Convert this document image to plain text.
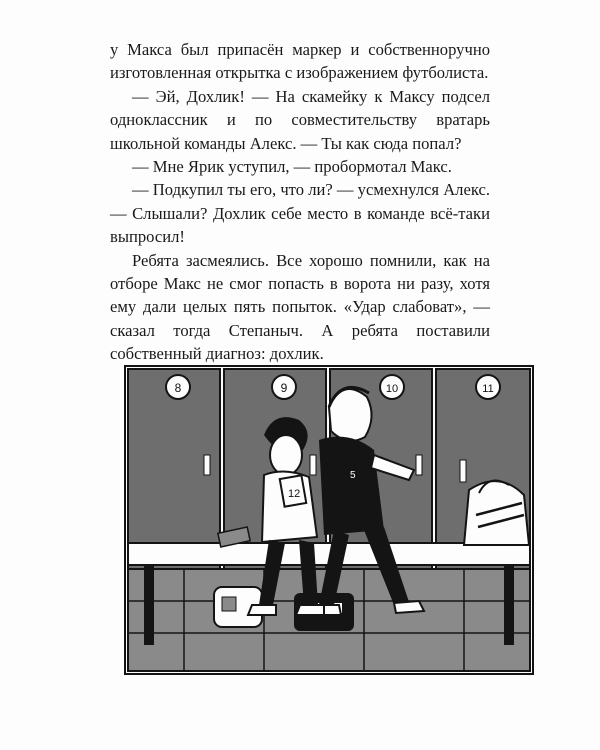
у Макса был припасён маркер и собственноручно изготовленная открытка с изображением футболиста.

— Эй, Дохлик! — На скамейку к Максу подсел одноклассник и по совместительству вратарь школьной команды Алекс. — Ты как сюда попал?

— Мне Ярик уступил, — пробормотал Макс.

— Подкупил ты его, что ли? — усмехнулся Алекс. — Слышали? Дохлик себе место в команде всё-таки выпросил!

Ребята засмеялись. Все хорошо помнили, как на отборе Макс не смог попасть в ворота ни разу, хотя ему дали целых пять попыток. «Удар слабоват», — сказал тогда Степаныч. А ребята поставили собственный диагноз: дохлик.

8	9	10	11
5
12
